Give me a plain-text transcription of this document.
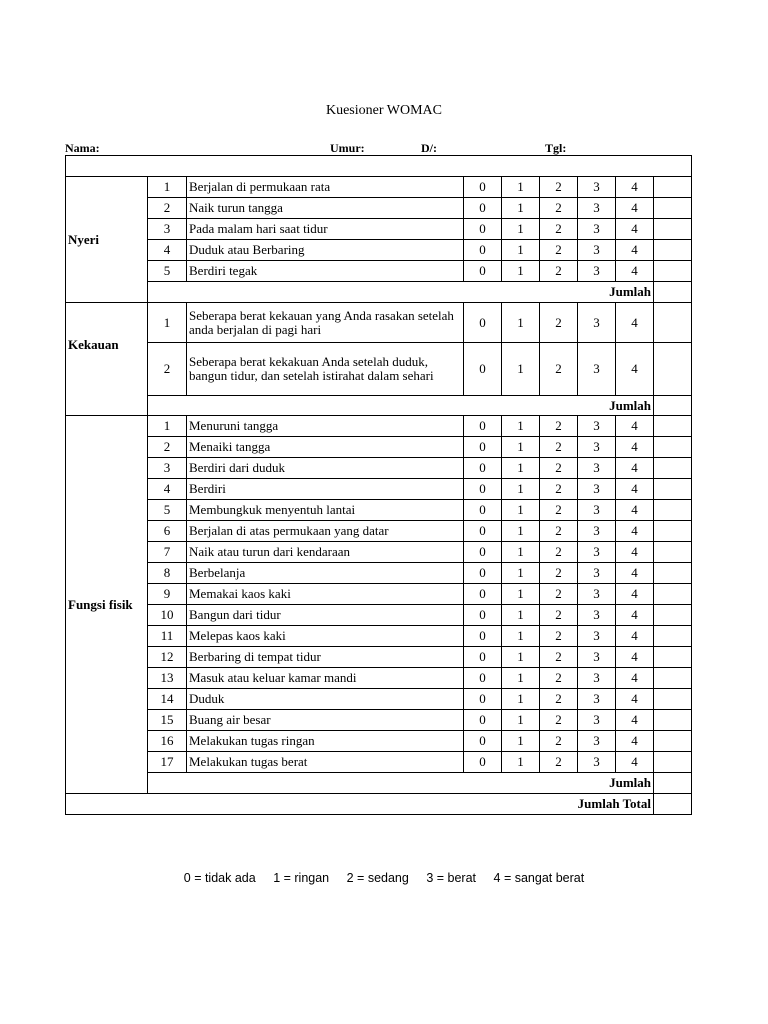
Kuesioner WOMAC
Nama:	Umur:	D/:	Tgl:

Nyeri	1	Berjalan di permukaan rata	0	1	2	3	4	
	2	Naik turun tangga	0	1	2	3	4	
	3	Pada malam hari saat tidur	0	1	2	3	4	
	4	Duduk atau Berbaring	0	1	2	3	4	
	5	Berdiri tegak	0	1	2	3	4	
	Jumlah							
Kekauan	1	Seberapa berat kekauan yang Anda rasakan setelah anda berjalan di pagi hari	0	1	2	3	4	
	2	Seberapa berat kekakuan Anda setelah duduk, bangun tidur, dan setelah istirahat dalam sehari	0	1	2	3	4	
	Jumlah							
Fungsi fisik	1	Menuruni tangga	0	1	2	3	4	
	2	Menaiki tangga	0	1	2	3	4	
	3	Berdiri dari duduk	0	1	2	3	4	
	4	Berdiri	0	1	2	3	4	
	5	Membungkuk menyentuh lantai	0	1	2	3	4	
	6	Berjalan di atas permukaan yang datar	0	1	2	3	4	
	7	Naik atau turun dari kendaraan	0	1	2	3	4	
	8	Berbelanja	0	1	2	3	4	
	9	Memakai kaos kaki	0	1	2	3	4	
	10	Bangun dari tidur	0	1	2	3	4	
	11	Melepas kaos kaki	0	1	2	3	4	
	12	Berbaring di tempat tidur	0	1	2	3	4	
	13	Masuk atau keluar kamar mandi	0	1	2	3	4	
	14	Duduk	0	1	2	3	4	
	15	Buang air besar	0	1	2	3	4	
	16	Melakukan tugas ringan	0	1	2	3	4	
	17	Melakukan tugas berat	0	1	2	3	4	
	Jumlah							
Jumlah Total								
0 = tidak ada 1 = ringan 2 = sedang 3 = berat 4 = sangat berat
